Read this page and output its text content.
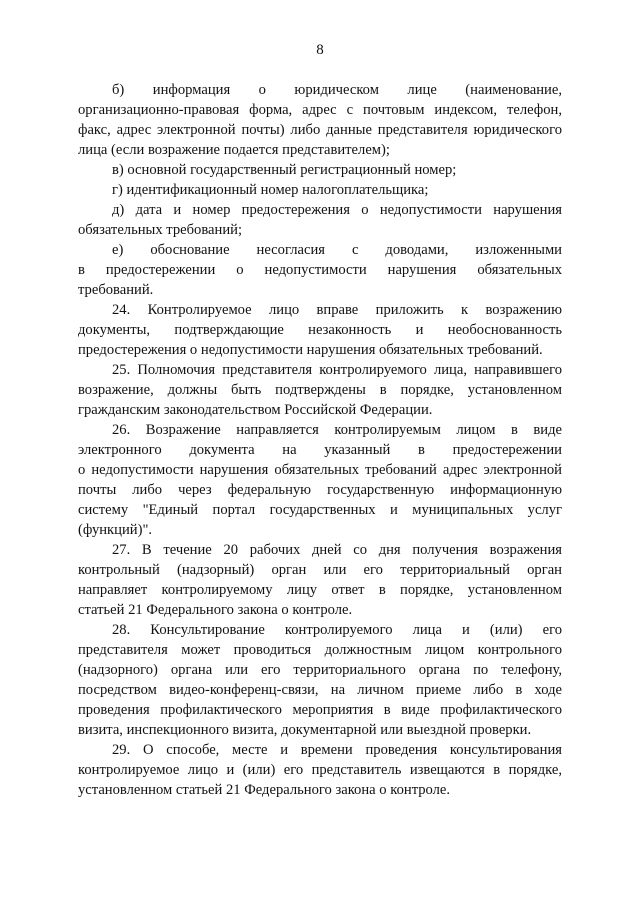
8
б) информация о юридическом лице (наименование,
организационно-правовая форма, адрес с почтовым индексом, телефон,
факс, адрес электронной почты) либо данные представителя юридического
лица (если возражение подается представителем);
в) основной государственный регистрационный номер;
г) идентификационный номер налогоплательщика;
д) дата и номер предостережения о недопустимости нарушения
обязательных требований;
е) обоснование несогласия с доводами, изложенными
в предостережении о недопустимости нарушения обязательных
требований.
24. Контролируемое лицо вправе приложить к возражению
документы, подтверждающие незаконность и необоснованность
предостережения о недопустимости нарушения обязательных требований.
25. Полномочия представителя контролируемого лица, направившего
возражение, должны быть подтверждены в порядке, установленном
гражданским законодательством Российской Федерации.
26. Возражение направляется контролируемым лицом в виде
электронного документа на указанный в предостережении
о недопустимости нарушения обязательных требований адрес электронной
почты либо через федеральную государственную информационную
систему "Единый портал государственных и муниципальных услуг
(функций)".
27. В течение 20 рабочих дней со дня получения возражения
контрольный (надзорный) орган или его территориальный орган
направляет контролируемому лицу ответ в порядке, установленном
статьей 21 Федерального закона о контроле.
28. Консультирование контролируемого лица и (или) его
представителя может проводиться должностным лицом контрольного
(надзорного) органа или его территориального органа по телефону,
посредством видео-конференц-связи, на личном приеме либо в ходе
проведения профилактического мероприятия в виде профилактического
визита, инспекционного визита, документарной или выездной проверки.
29. О способе, месте и времени проведения консультирования
контролируемое лицо и (или) его представитель извещаются в порядке,
установленном статьей 21 Федерального закона о контроле.
